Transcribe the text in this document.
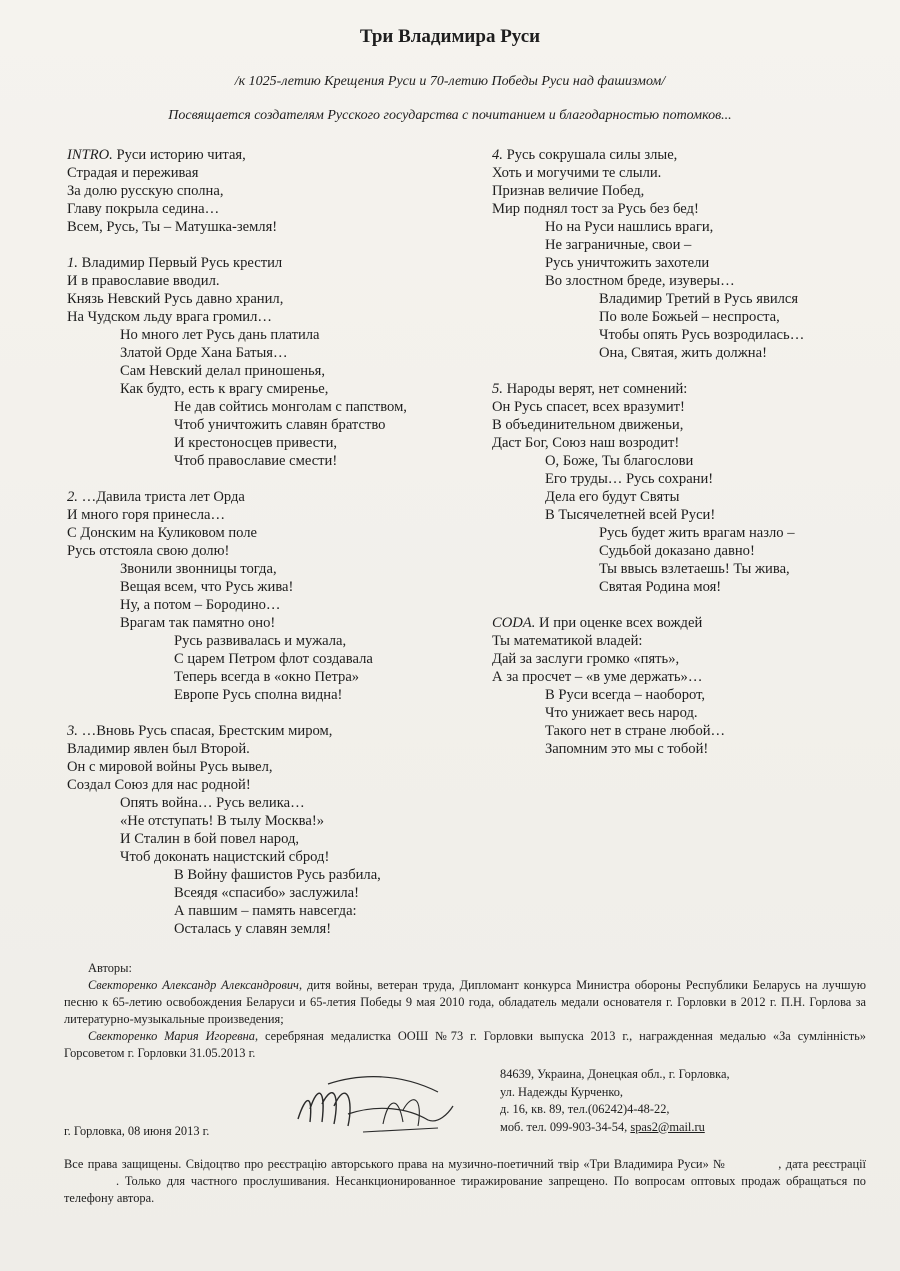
Три Владимира Руси
/к 1025-летию Крещения Руси и 70-летию Победы Руси над фашизмом/
Посвящается создателям Русского государства с почитанием и благодарностью потомков...
INTRO. Руси историю читая,
Страдая и переживая
За долю русскую сполна,
Главу покрыла седина…
Всем, Русь, Ты – Матушка-земля!
1. Владимир Первый Русь крестил
И в православие вводил.
Князь Невский Русь давно хранил,
На Чудском льду врага громил…
Но много лет Русь дань платила
Златой Орде Хана Батыя…
Сам Невский делал приношенья,
Как будто, есть к врагу смиренье,
Не дав сойтись монголам с папством,
Чтоб уничтожить славян братство
И крестоносцев привести,
Чтоб православие смести!
2. …Давила триста лет Орда
И много горя принесла…
С Донским на Куликовом поле
Русь отстояла свою долю!
Звонили звонницы тогда,
Вещая всем, что Русь жива!
Ну, а потом – Бородино…
Врагам так памятно оно!
Русь развивалась и мужала,
С царем Петром флот создавала
Теперь всегда в «окно Петра»
Европе Русь сполна видна!
3. …Вновь Русь спасая, Брестским миром,
Владимир явлен был Второй.
Он с мировой войны Русь вывел,
Создал Союз для нас родной!
Опять война… Русь велика…
«Не отступать! В тылу Москва!»
И Сталин в бой повел народ,
Чтоб доконать нацистский сброд!
В Войну фашистов Русь разбила,
Всеядя «спасибо» заслужила!
А павшим – память навсегда:
Осталась у славян земля!
4. Русь сокрушала силы злые,
Хоть и могучими те слыли.
Признав величие Побед,
Мир поднял тост за Русь без бед!
Но на Руси нашлись враги,
Не заграничные, свои –
Русь уничтожить захотели
Во злостном бреде, изуверы…
Владимир Третий в Русь явился
По воле Божьей – неспроста,
Чтобы опять Русь возродилась…
Она, Святая, жить должна!
5. Народы верят, нет сомнений:
Он Русь спасет, всех вразумит!
В объединительном движеньи,
Даст Бог, Союз наш возродит!
О, Боже, Ты благослови
Его труды… Русь сохрани!
Дела его будут Святы
В Тысячелетней всей Руси!
Русь будет жить врагам назло –
Судьбой доказано давно!
Ты ввысь взлетаешь! Ты жива,
Святая Родина моя!
CODA. И при оценке всех вождей
Ты математикой владей:
Дай за заслуги громко «пять»,
А за просчет – «в уме держать»…
В Руси всегда – наоборот,
Что унижает весь народ.
Такого нет в стране любой…
Запомним это мы с тобой!
Авторы:
Свекторенко Александр Александрович, дитя войны, ветеран труда, Дипломант конкурса Министра обороны Республики Беларусь на лучшую песню к 65-летию освобождения Беларуси и 65-летия Победы 9 мая 2010 года, обладатель медали основателя г. Горловки в 2012 г. П.Н. Горлова за литературно-музыкальные произведения;
Свекторенко Мария Игоревна, серебряная медалистка ООШ №73 г. Горловки выпуска 2013 г., награжденная медалью «За сумлінність» Горсоветом г. Горловки 31.05.2013 г.
84639, Украина, Донецкая обл., г. Горловка,
ул. Надежды Курченко,
д. 16, кв. 89, тел.(06242)4-48-22,
моб. тел. 099-903-34-54, spas2@mail.ru
г. Горловка, 08 июня 2013 г.
Все права защищены. Свідоцтво про реєстрацію авторського права на музично-поетичний твір «Три Владимира Руси» №	, дата реєстрації. Только для частного прослушивания. Несанкционированное тиражирование запрещено. По вопросам оптовых продаж обращаться по телефону автора.
